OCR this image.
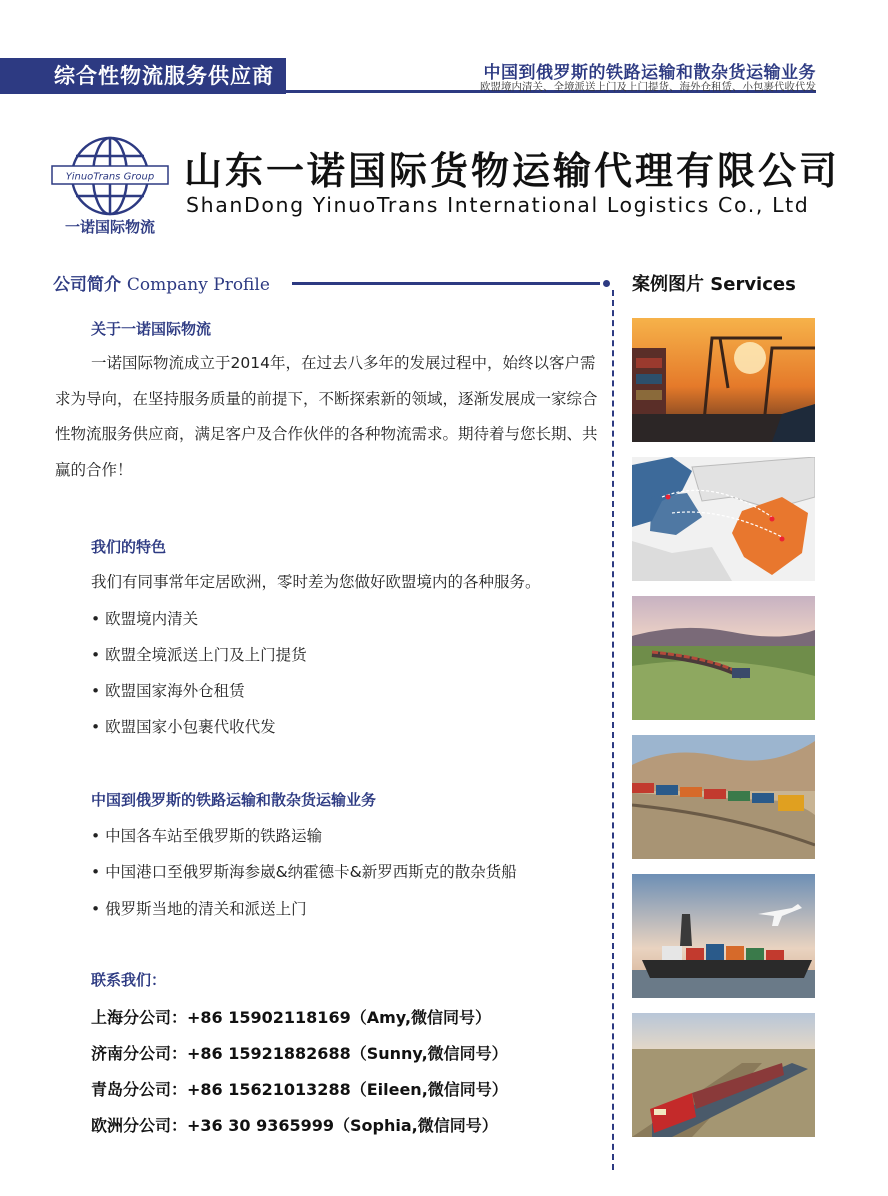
综合性物流服务供应商	中国到俄罗斯的铁路运输和散杂货运输业务
欧盟境内清关、全境派送上门及上门提货、海外仓租赁、小包裹代收代发
YinuoTrans Group
一诺国际物流
山东一诺国际货物运输代理有限公司
ShanDong YinuoTrans International Logistics Co., Ltd
公司简介 Company Profile	案例图片 Services
关于一诺国际物流
一诺国际物流成立于2014年，在过去八多年的发展过程中，始终以客户需求为导向，在坚持服务质量的前提下，不断探索新的领域，逐渐发展成一家综合性物流服务供应商，满足客户及合作伙伴的各种物流需求。期待着与您长期、共赢的合作！
我们的特色
我们有同事常年定居欧洲，零时差为您做好欧盟境内的各种服务。
• 欧盟境内清关
• 欧盟全境派送上门及上门提货
• 欧盟国家海外仓租赁
• 欧盟国家小包裹代收代发
中国到俄罗斯的铁路运输和散杂货运输业务
• 中国各车站至俄罗斯的铁路运输
• 中国港口至俄罗斯海参崴&纳霍德卡&新罗西斯克的散杂货船
• 俄罗斯当地的清关和派送上门
联系我们：
上海分公司：+86 15902118169（Amy,微信同号）
济南分公司：+86 15921882688（Sunny,微信同号）
青岛分公司：+86 15621013288（Eileen,微信同号）
欧洲分公司：+36 30 9365999（Sophia,微信同号）
